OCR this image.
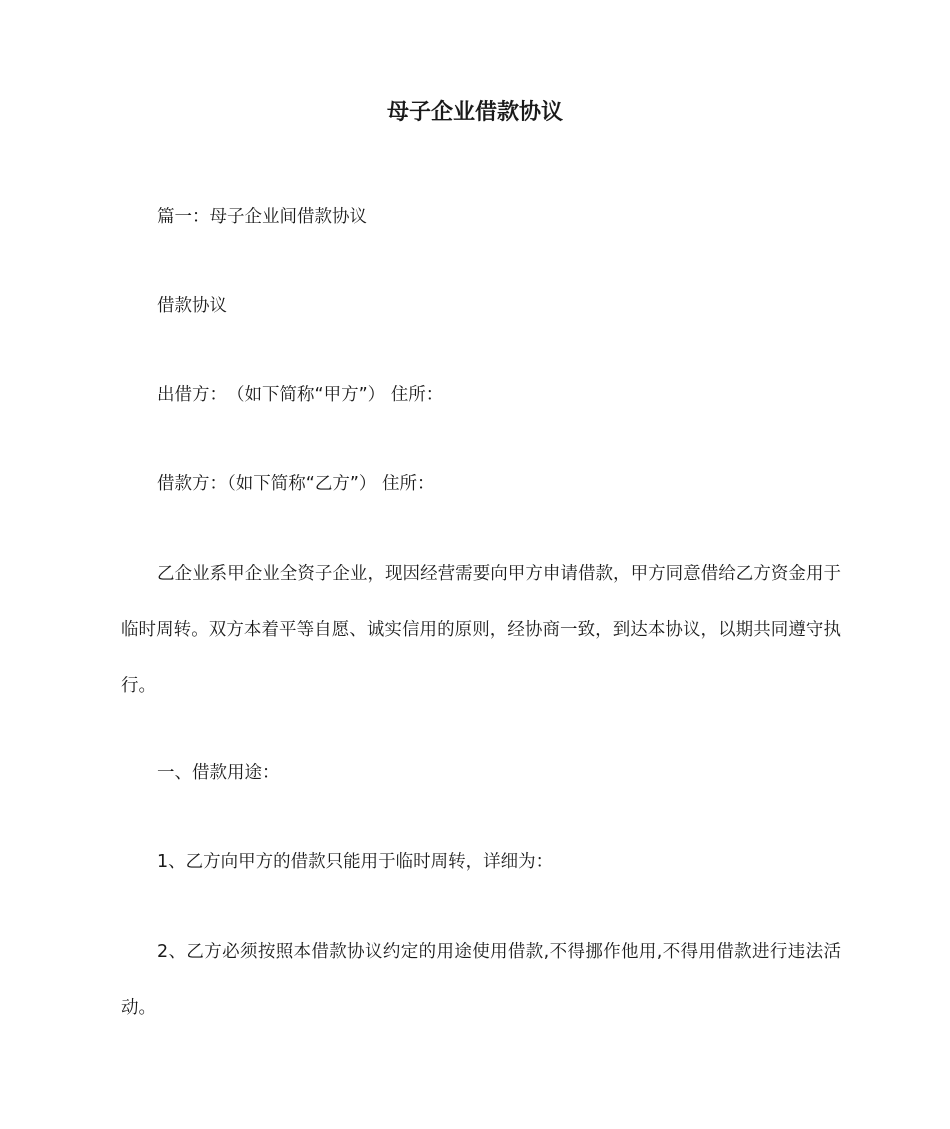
母子企业借款协议
篇一：母子企业间借款协议
借款协议
出借方：　（如下简称“甲方”） 住所：
借款方：（如下简称“乙方”） 住所：
乙企业系甲企业全资子企业，现因经营需要向甲方申请借款，甲方同意借给乙方资金用于临时周转。双方本着平等自愿、诚实信用的原则，经协商一致，到达本协议，以期共同遵守执行。
一、借款用途：
1、乙方向甲方的借款只能用于临时周转，详细为：
2、乙方必须按照本借款协议约定的用途使用借款,不得挪作他用,不得用借款进行违法活动。
